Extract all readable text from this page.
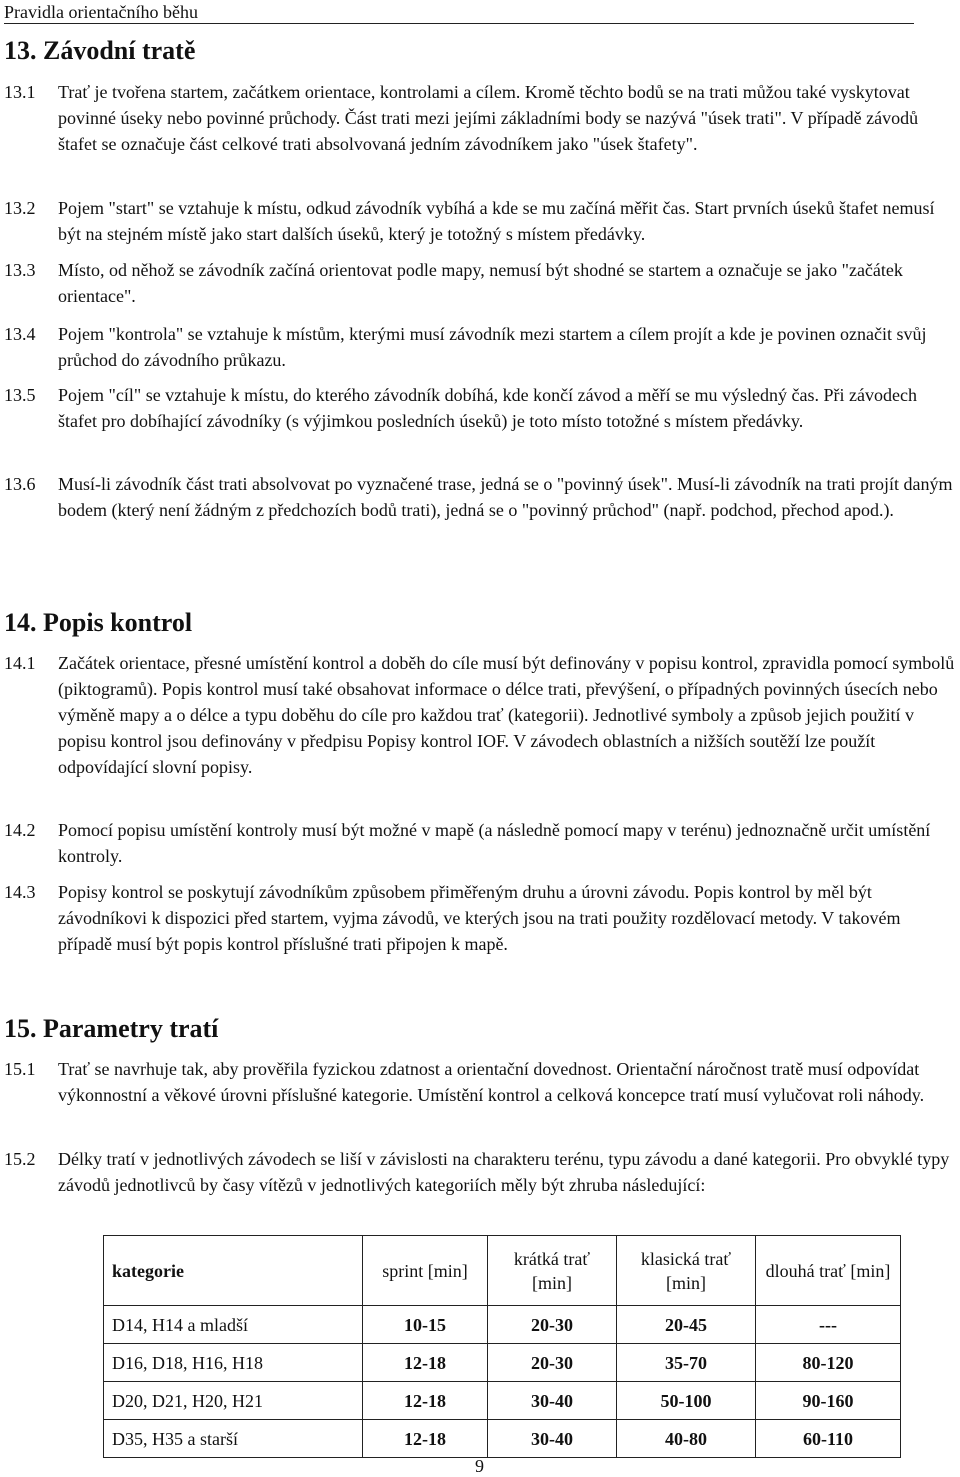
Pravidla orientačního běhu
13. Závodní tratě
13.1	Trať je tvořena startem, začátkem orientace, kontrolami a cílem. Kromě těchto bodů se na trati můžou také vyskytovat povinné úseky nebo povinné průchody. Část trati mezi jejími základními body se nazývá "úsek trati". V případě závodů štafet se označuje část celkové trati absolvovaná jedním závodníkem jako "úsek štafety".
13.2	Pojem "start" se vztahuje k místu, odkud závodník vybíhá a kde se mu začíná měřit čas. Start prvních úseků štafet nemusí být na stejném místě jako start dalších úseků, který je totožný s místem předávky.
13.3	Místo, od něhož se závodník začíná orientovat podle mapy, nemusí být shodné se startem a označuje se jako "začátek orientace".
13.4	Pojem "kontrola" se vztahuje k místům, kterými musí závodník mezi startem a cílem projít a kde je povinen označit svůj průchod do závodního průkazu.
13.5	Pojem "cíl" se vztahuje k místu, do kterého závodník dobíhá, kde končí závod a měří se mu výsledný čas. Při závodech štafet pro dobíhající závodníky (s výjimkou posledních úseků) je toto místo totožné s místem předávky.
13.6	Musí-li závodník část trati absolvovat po vyznačené trase, jedná se o "povinný úsek". Musí-li závodník na trati projít daným bodem (který není žádným z předchozích bodů trati), jedná se o "povinný průchod" (např. podchod, přechod apod.).
14. Popis kontrol
14.1	Začátek orientace, přesné umístění kontrol a doběh do cíle musí být definovány v popisu kontrol, zpravidla pomocí symbolů (piktogramů). Popis kontrol musí také obsahovat informace o délce trati, převýšení, o případných povinných úsecích nebo výměně mapy a o délce a typu doběhu do cíle pro každou trať (kategorii). Jednotlivé symboly a způsob jejich použití v popisu kontrol jsou definovány v předpisu Popisy kontrol IOF. V závodech oblastních a nižších soutěží lze použít odpovídající slovní popisy.
14.2	Pomocí popisu umístění kontroly musí být možné v mapě (a následně pomocí mapy v terénu) jednoznačně určit umístění kontroly.
14.3	Popisy kontrol se poskytují závodníkům způsobem přiměřeným druhu a úrovni závodu. Popis kontrol by měl být závodníkovi k dispozici před startem, vyjma závodů, ve kterých jsou na trati použity rozdělovací metody. V takovém případě musí být popis kontrol příslušné trati připojen k mapě.
15. Parametry tratí
15.1	Trať se navrhuje tak, aby prověřila fyzickou zdatnost a orientační dovednost. Orientační náročnost tratě musí odpovídat výkonnostní a věkové úrovni příslušné kategorie. Umístění kontrol a celková koncepce tratí musí vylučovat roli náhody.
15.2	Délky tratí v jednotlivých závodech se liší v závislosti na charakteru terénu, typu závodu a dané kategorii. Pro obvyklé typy závodů jednotlivců by časy vítězů v jednotlivých kategoriích měly být zhruba následující:
kategorie	sprint [min]	krátká trať [min]	klasická trať [min]	dlouhá trať [min]
D14, H14 a mladší	10-15	20-30	20-45	---
D16, D18, H16, H18	12-18	20-30	35-70	80-120
D20, D21, H20, H21	12-18	30-40	50-100	90-160
D35, H35 a starší	12-18	30-40	40-80	60-110
9
